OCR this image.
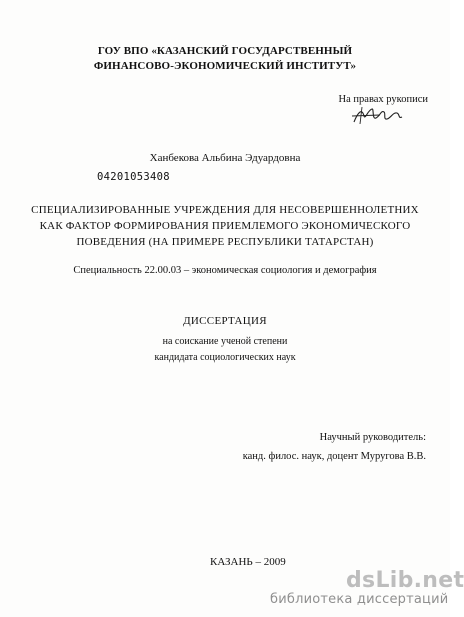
ГОУ ВПО «КАЗАНСКИЙ ГОСУДАРСТВЕННЫЙ
ФИНАНСОВО-ЭКОНОМИЧЕСКИЙ ИНСТИТУТ»
На правах рукописи
Ханбекова Альбина Эдуардовна
04201053408
СПЕЦИАЛИЗИРОВАННЫЕ УЧРЕЖДЕНИЯ ДЛЯ НЕСОВЕРШЕННОЛЕТНИХ
КАК ФАКТОР ФОРМИРОВАНИЯ ПРИЕМЛЕМОГО ЭКОНОМИЧЕСКОГО
ПОВЕДЕНИЯ (НА ПРИМЕРЕ РЕСПУБЛИКИ ТАТАРСТАН)
Специальность 22.00.03 – экономическая социология и демография
ДИССЕРТАЦИЯ
на соискание ученой степени
кандидата социологических наук
Научный руководитель:
канд. филос. наук, доцент Муругова В.В.
КАЗАНЬ – 2009
dsLib.net
библиотека диссертаций
